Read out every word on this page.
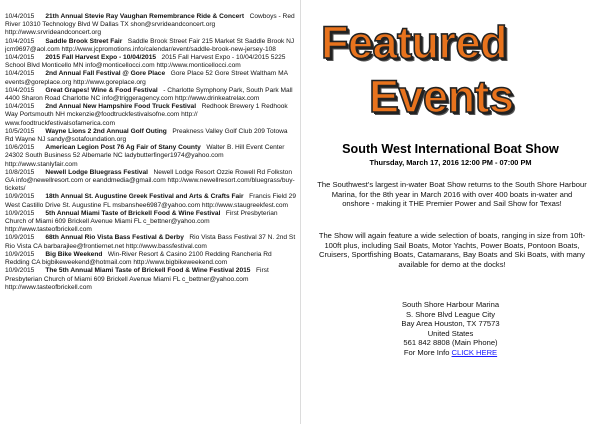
10/4/2015 21th Annual Stevie Ray Vaughan Remembrance Ride & Concert Cowboys - Red River 10310 Technology Blvd W Dallas TX shon@srvrideandconcert.org http://www.srvrideandconcert.org

10/4/2015 Saddle Brook Street Fair Saddle Brook Street Fair 215 Market St Saddle Brook NJ jcm9697@aol.com http://www.jcpromotions.info/calendar/event/saddle-brook-new-jersey-108

10/4/2015 2015 Fall Harvest Expo - 10/04/2015 2015 Fall Harvest Expo - 10/04/2015 5225 School Blvd Monticello MN info@monticellocci.com http://www.monticellocci.com

10/4/2015 2nd Annual Fall Festival @ Gore Place Gore Place 52 Gore Street Waltham MA events@goreplace.org http://www.goreplace.org

10/4/2015 Great Grapes! Wine & Food Festival - Charlotte Symphony Park, South Park Mall 4400 Sharon Road Charlotte NC info@triggeragency.com http://www.drinkeatrelax.com

10/4/2015 2nd Annual New Hampshire Food Truck Festival Redhook Brewery 1 Redhook Way Portsmouth NH mckenzie@foodtruckfestivalsofne.com http:// www.foodtruckfestivalsofamerica.com

10/5/2015 Wayne Lions 2 2nd Annual Golf Outing Preakness Valley Golf Club 209 Totowa Rd Wayne NJ sandy@sotafoundation.org

10/6/2015 American Legion Post 76 Ag Fair of Stany County Walter B. Hill Event Center 24302 South Business 52 Albemarle NC ladybutterfinger1974@yahoo.com http://www.stanlyfair.com

10/8/2015 Newell Lodge Bluegrass Festival Newell Lodge Resort Ozzie Rowell Rd Folkston GA info@newellresort.com or eanddmedia@gmail.com http://www.newellresort.com/bluegrass/buy-tickets/

10/9/2015 18th Annual St. Augustine Greek Festival and Arts & Crafts Fair Francis Field 29 West Castillo Drive St. Augustine FL msbanshee6987@yahoo.com http://www.staugreekfest.com

10/9/2015 5th Annual Miami Taste of Brickell Food & Wine Festival First Presbyterian Church of Miami 609 Brickell Avenue Miami FL c_bettner@yahoo.com http://www.tasteofbrickell.com

10/9/2015 68th Annual Rio Vista Bass Festival & Derby Rio Vista Bass Festival 37 N. 2nd St Rio Vista CA barbarajlee@frontiernet.net http://www.bassfestival.com

10/9/2015 Big Bike Weekend Win-River Resort & Casino 2100 Redding Rancheria Rd Redding CA bigbikeweekend@hotmail.com http://www.bigbikeweekend.com

10/9/2015 The 5th Annual Miami Taste of Brickell Food & Wine Festival 2015 First Presbyterian Church of Miami 609 Brickell Avenue Miami FL c_bettner@yahoo.com http://www.tasteofbrickell.com

Featured
Events
South West International Boat Show
Thursday, March 17, 2016 12:00 PM - 07:00 PM
The Southwest's largest in-water Boat Show returns to the South Shore Harbour Marina, for the 8th year in March 2016 with over 400 boats in-water and onshore - making it THE Premier Power and Sail Show for Texas!
The Show will again feature a wide selection of boats, ranging in size from 10ft-100ft plus, including Sail Boats, Motor Yachts, Power Boats, Pontoon Boats, Cruisers, Sportfishing Boats, Catamarans, Bay Boats and Ski Boats, with many available for demo at the docks!
South Shore Harbour Marina
S. Shore Blvd League City
Bay Area Houston, TX 77573
United States
561 842 8808 (Main Phone)
For More Info CLICK HERE
